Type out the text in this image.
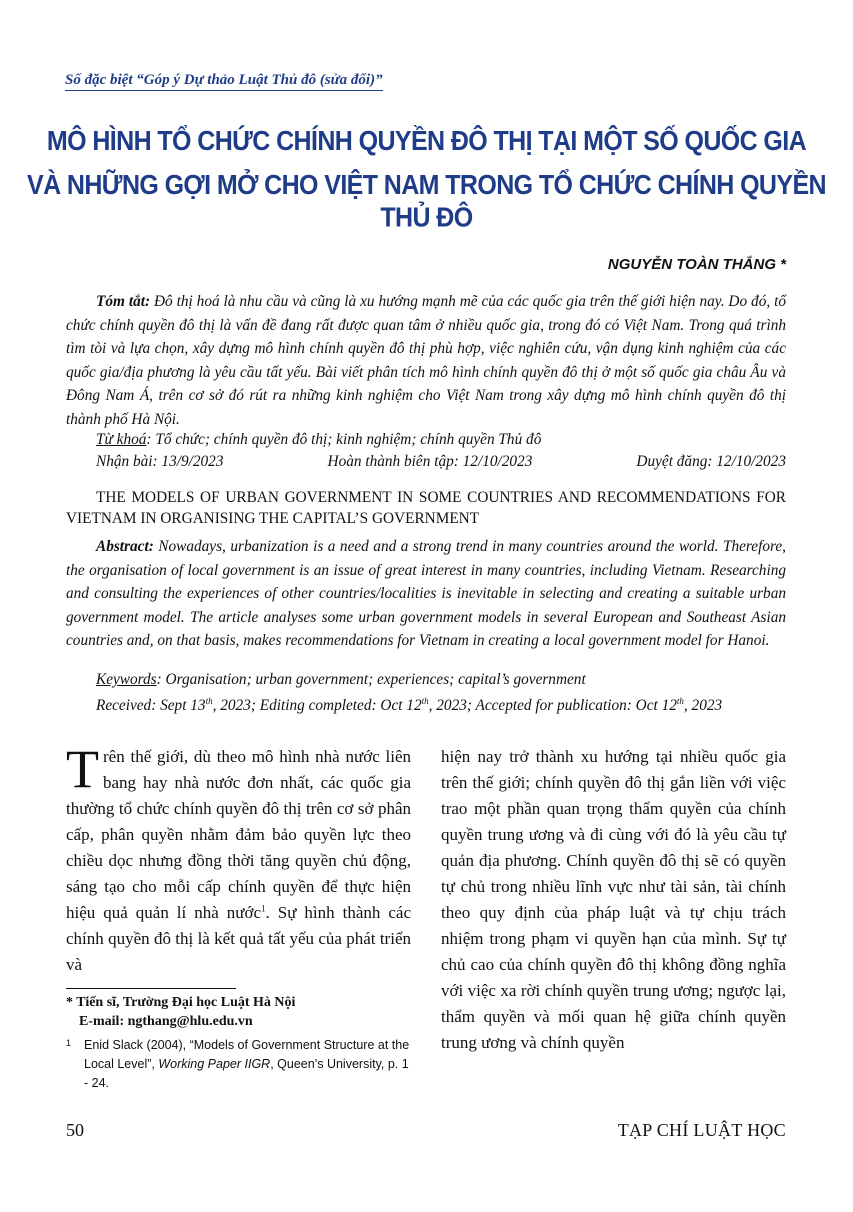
Số đặc biệt “Góp ý Dự thảo Luật Thủ đô (sửa đổi)”
MÔ HÌNH TỔ CHỨC CHÍNH QUYỀN ĐÔ THỊ TẠI MỘT SỐ QUỐC GIA
VÀ NHỮNG GỢI MỞ CHO VIỆT NAM TRONG TỔ CHỨC CHÍNH QUYỀN THỦ ĐÔ
NGUYỄN TOÀN THẮNG *
Tóm tắt: Đô thị hoá là nhu cầu và cũng là xu hướng mạnh mẽ của các quốc gia trên thế giới hiện nay. Do đó, tổ chức chính quyền đô thị là vấn đề đang rất được quan tâm ở nhiều quốc gia, trong đó có Việt Nam. Trong quá trình tìm tòi và lựa chọn, xây dựng mô hình chính quyền đô thị phù hợp, việc nghiên cứu, vận dụng kinh nghiệm của các quốc gia/địa phương là yêu cầu tất yếu. Bài viết phân tích mô hình chính quyền đô thị ở một số quốc gia châu Âu và Đông Nam Á, trên cơ sở đó rút ra những kinh nghiệm cho Việt Nam trong xây dựng mô hình chính quyền đô thị thành phố Hà Nội.
Từ khoá: Tổ chức; chính quyền đô thị; kinh nghiệm; chính quyền Thủ đô
Nhận bài: 13/9/2023	Hoàn thành biên tập: 12/10/2023	Duyệt đăng: 12/10/2023
THE MODELS OF URBAN GOVERNMENT IN SOME COUNTRIES AND RECOMMENDATIONS FOR VIETNAM IN ORGANISING THE CAPITAL’S GOVERNMENT
Abstract: Nowadays, urbanization is a need and a strong trend in many countries around the world. Therefore, the organisation of local government is an issue of great interest in many countries, including Vietnam. Researching and consulting the experiences of other countries/localities is inevitable in selecting and creating a suitable urban government model. The article analyses some urban government models in several European and Southeast Asian countries and, on that basis, makes recommendations for Vietnam in creating a local government model for Hanoi.
Keywords: Organisation; urban government; experiences; capital’s government
Received: Sept 13th, 2023; Editing completed: Oct 12th, 2023; Accepted for publication: Oct 12th, 2023
Trên thế giới, dù theo mô hình nhà nước liên bang hay nhà nước đơn nhất, các quốc gia thường tổ chức chính quyền đô thị trên cơ sở phân cấp, phân quyền nhằm đảm bảo quyền lực theo chiều dọc nhưng đồng thời tăng quyền chủ động, sáng tạo cho mỗi cấp chính quyền để thực hiện hiệu quả quản lí nhà nước$^1$. Sự hình thành các chính quyền đô thị là kết quả tất yếu của phát triển và
hiện nay trở thành xu hướng tại nhiều quốc gia trên thế giới; chính quyền đô thị gắn liền với việc trao một phần quan trọng thẩm quyền của chính quyền trung ương và đi cùng với đó là yêu cầu tự quản địa phương. Chính quyền đô thị sẽ có quyền tự chủ trong nhiều lĩnh vực như tài sản, tài chính theo quy định của pháp luật và tự chịu trách nhiệm trong phạm vi quyền hạn của mình. Sự tự chủ cao của chính quyền đô thị không đồng nghĩa với việc xa rời chính quyền trung ương; ngược lại, thẩm quyền và mối quan hệ giữa chính quyền trung ương và chính quyền
* Tiến sĩ, Trường Đại học Luật Hà Nội
E-mail: ngthang@hlu.edu.vn
1 Enid Slack (2004), “Models of Government Structure at the Local Level”, Working Paper IIGR, Queen’s University, p. 1 - 24.
50	TẠP CHÍ LUẬT HỌC
